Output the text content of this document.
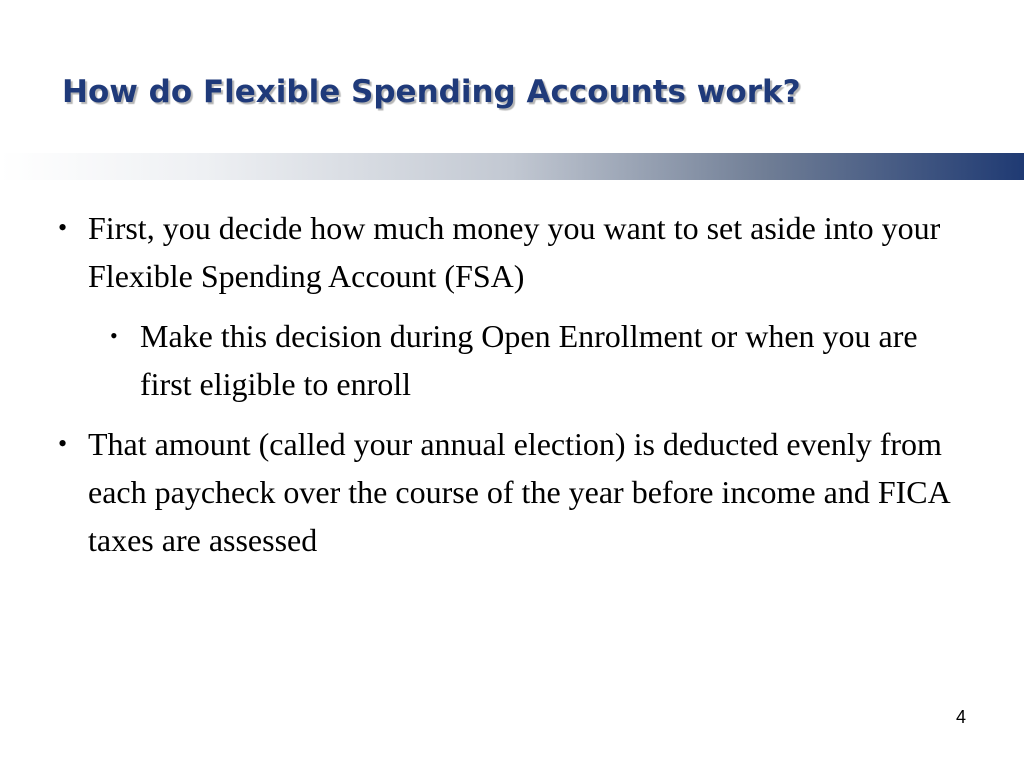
How do Flexible Spending Accounts work?
• First, you decide how much money you want to set aside into your Flexible Spending Account (FSA)
• Make this decision during Open Enrollment or when you are first eligible to enroll
• That amount (called your annual election) is deducted evenly from each paycheck over the course of the year before income and FICA taxes are assessed
4
